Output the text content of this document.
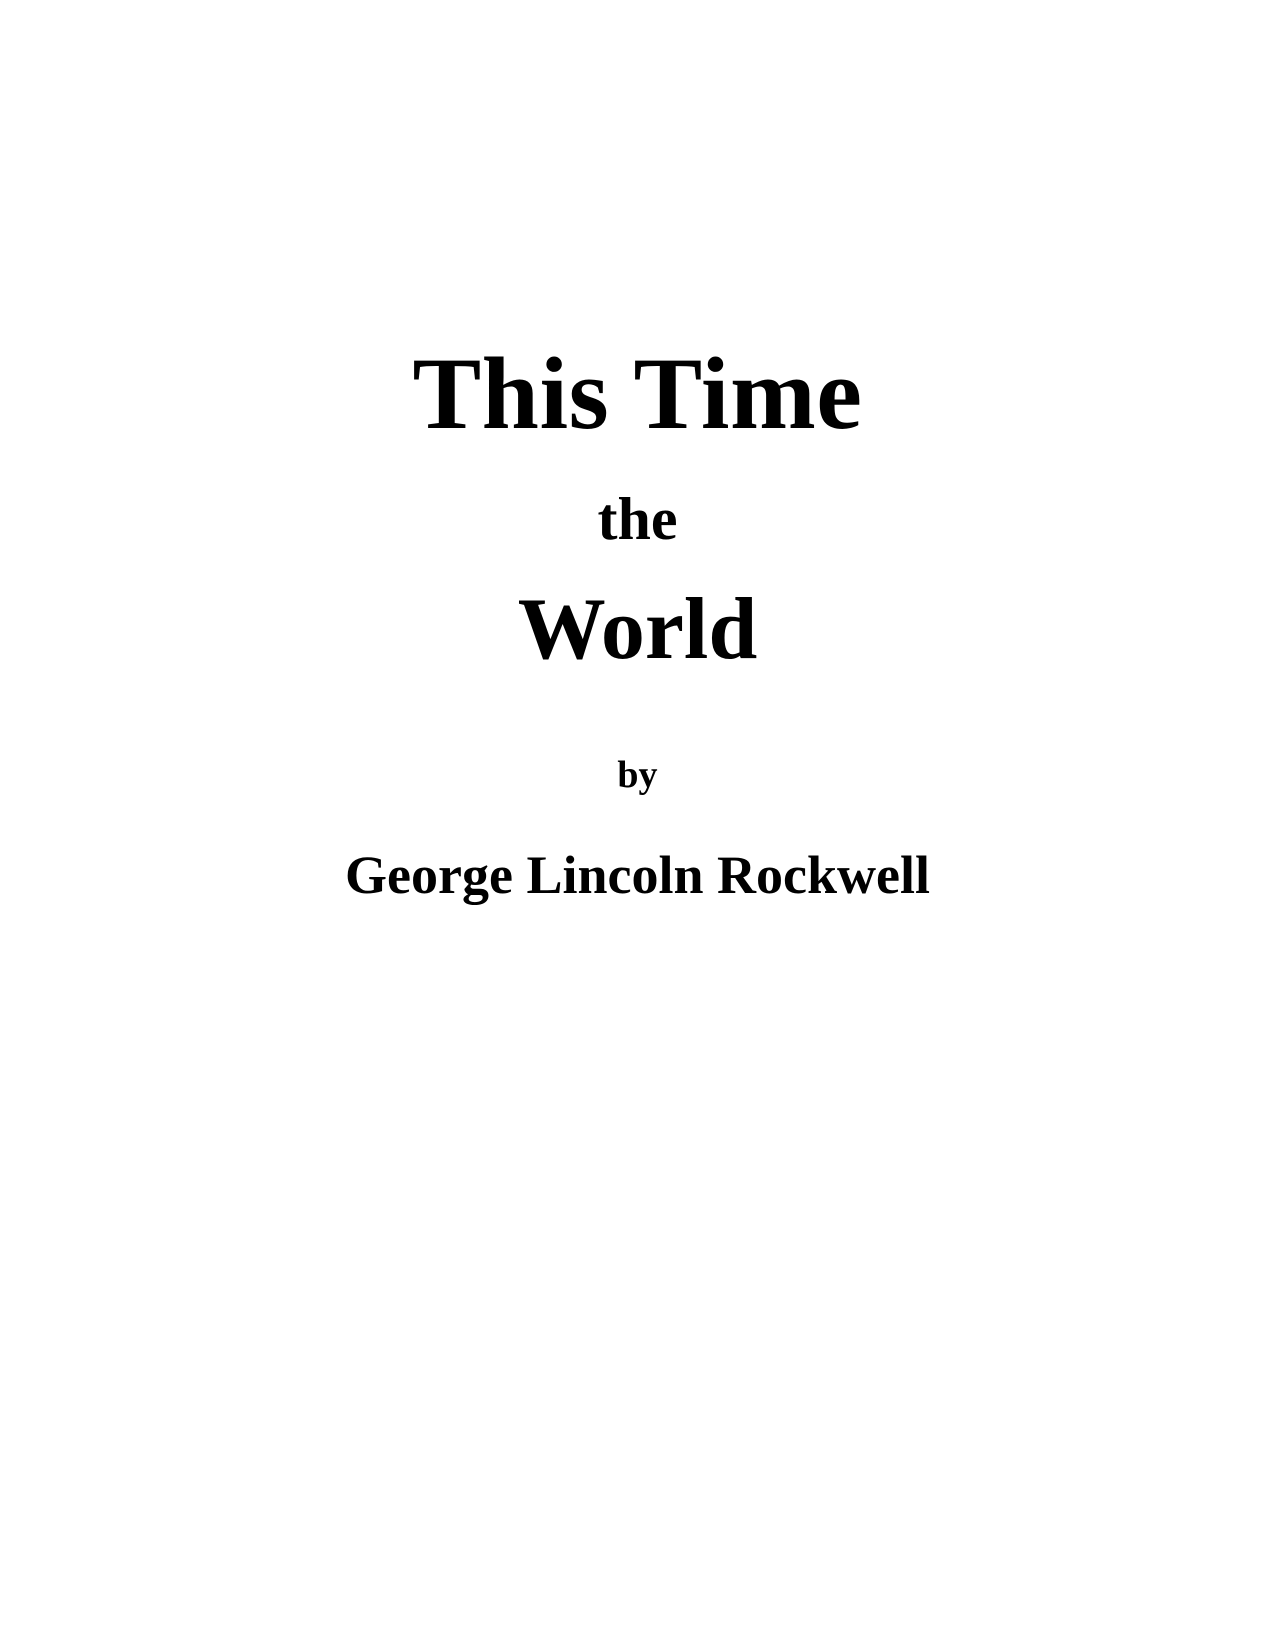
This Time
the
World
by
George Lincoln Rockwell
